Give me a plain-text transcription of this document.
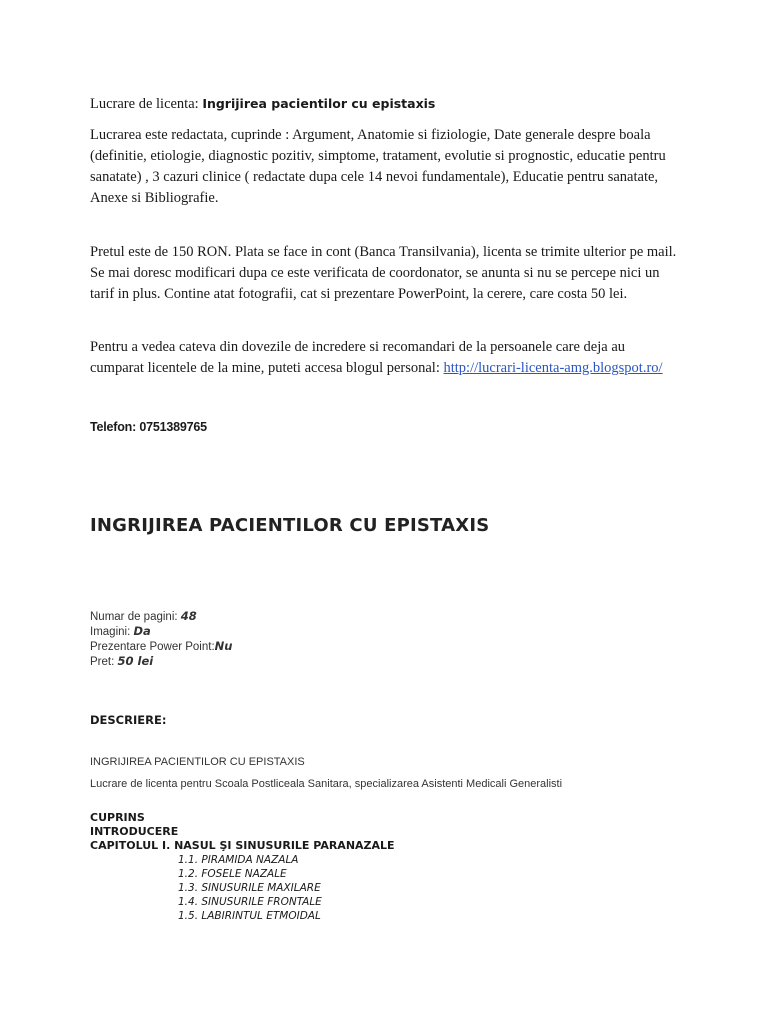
Lucrare de licenta: Ingrijirea pacientilor cu epistaxis

Lucrarea este redactata, cuprinde : Argument, Anatomie si fiziologie, Date generale despre boala (definitie, etiologie, diagnostic pozitiv, simptome, tratament, evolutie si prognostic, educatie pentru sanatate) , 3 cazuri clinice ( redactate dupa cele 14 nevoi fundamentale), Educatie pentru sanatate, Anexe si Bibliografie.

Pretul este de 150 RON. Plata se face in cont (Banca Transilvania), licenta se trimite ulterior pe mail. Se mai doresc modificari dupa ce este verificata de coordonator, se anunta si nu se percepe nici un tarif in plus. Contine atat fotografii, cat si prezentare PowerPoint, la cerere, care costa 50 lei.

Pentru a vedea cateva din dovezile de incredere si recomandari de la persoanele care deja au cumparat licentele de la mine, puteti accesa blogul personal: http://lucrari-licenta-amg.blogspot.ro/

Telefon: 0751389765
INGRIJIREA PACIENTILOR CU EPISTAXIS
Numar de pagini: 48
Imagini: Da
Prezentare Power Point:Nu
Pret: 50 lei
DESCRIERE:
INGRIJIREA PACIENTILOR CU EPISTAXIS
Lucrare de licenta pentru Scoala Postliceala Sanitara, specializarea Asistenti Medicali Generalisti
CUPRINS
INTRODUCERE
CAPITOLUL I. NASUL ŞI SINUSURILE PARANAZALE
1.1. PIRAMIDA NAZALA
1.2. FOSELE NAZALE
1.3. SINUSURILE MAXILARE
1.4. SINUSURILE FRONTALE
1.5. LABIRINTUL ETMOIDAL
